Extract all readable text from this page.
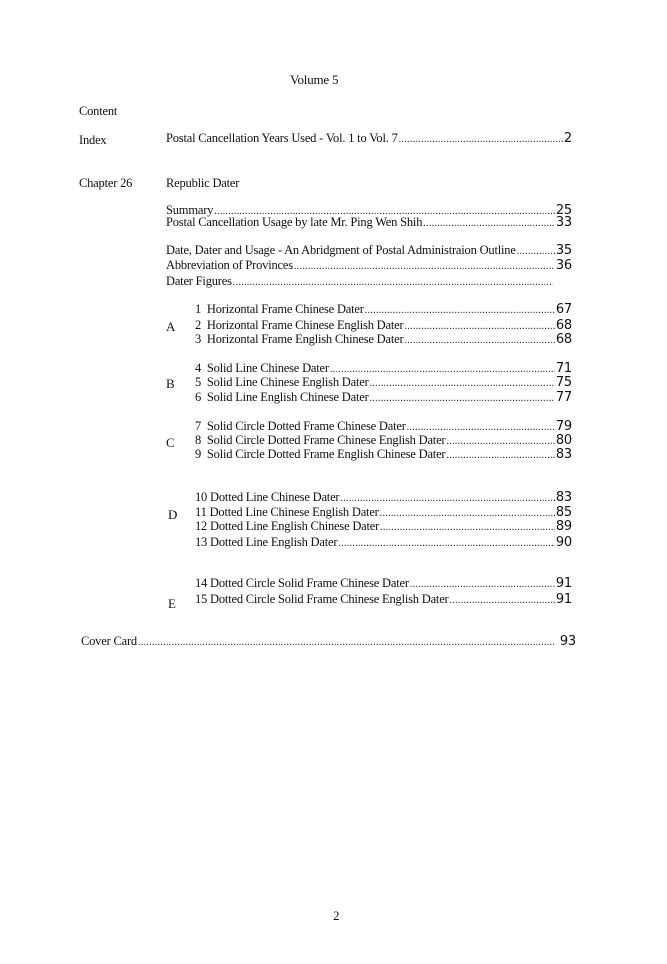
Volume 5
Content
Index	Postal Cancellation Years Used - Vol. 1 to Vol. 7 .....	2
Chapter 26	Republic Dater
Summary .....	25
Postal Cancellation Usage by late Mr. Ping Wen Shih .....	33
Date, Dater and Usage - An Abridgment of Postal Administraion Outline .....	35
Abbreviation of Provinces .....	36
Dater Figures
.....
A
1 Horizontal Frame Chinese Dater .....	67
2 Horizontal Frame Chinese English Dater .....	68
3 Horizontal Frame English Chinese Dater .....	68
B
4 Solid Line Chinese Dater .....	71
5 Solid Line Chinese English Dater .....	75
6 Solid Line English Chinese Dater .....	77
C
7 Solid Circle Dotted Frame Chinese Dater .....	79
8 Solid Circle Dotted Frame Chinese English Dater .....	80
9 Solid Circle Dotted Frame English Chinese Dater .....	83
D
10 Dotted Line Chinese Dater .....	83
11 Dotted Line Chinese English Dater .....	85
12 Dotted Line English Chinese Dater .....	89
13 Dotted Line English Dater .....	90
E
14 Dotted Circle Solid Frame Chinese Dater .....	91
15 Dotted Circle Solid Frame Chinese English Dater .....	91
Cover Card .....	93
2
